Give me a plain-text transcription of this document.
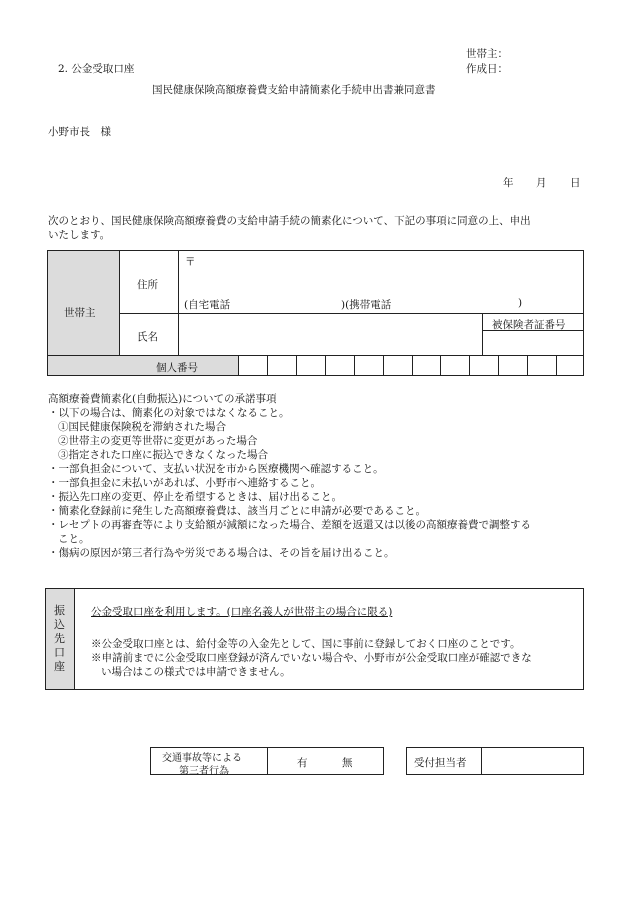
2. 公金受取口座
世帯主：
作成日：
国民健康保険高額療養費支給申請簡素化手続申出書兼同意書
小野市長　様
年 月 日
次のとおり、国民健康保険高額療養費の支給申請手続の簡素化について、下記の事項に同意の上、申出
いたします。
世帯主
住所
〒
(自宅電話	)(携帯電話	)
氏名
被保険者証番号
個人番号
高額療養費簡素化(自動振込)についての承諾事項
・以下の場合は、簡素化の対象ではなくなること。
①国民健康保険税を滞納された場合
②世帯主の変更等世帯に変更があった場合
③指定された口座に振込できなくなった場合
・一部負担金について、支払い状況を市から医療機関へ確認すること。
・一部負担金に未払いがあれば、小野市へ連絡すること。
・振込先口座の変更、停止を希望するときは、届け出ること。
・簡素化登録前に発生した高額療養費は、該当月ごとに申請が必要であること。
・レセプトの再審査等により支給額が減額になった場合、差額を返還又は以後の高額療養費で調整する
こと。
・傷病の原因が第三者行為や労災である場合は、その旨を届け出ること。
振込先口座
公金受取口座を利用します。(口座名義人が世帯主の場合に限る)
※公金受取口座とは、給付金等の入金先として、国に事前に登録しておく口座のことです。
※申請前までに公金受取口座登録が済んでいない場合や、小野市が公金受取口座が確認できな
い場合はこの様式では申請できません。
交通事故等による
第三者行為
有	無	受付担当者
